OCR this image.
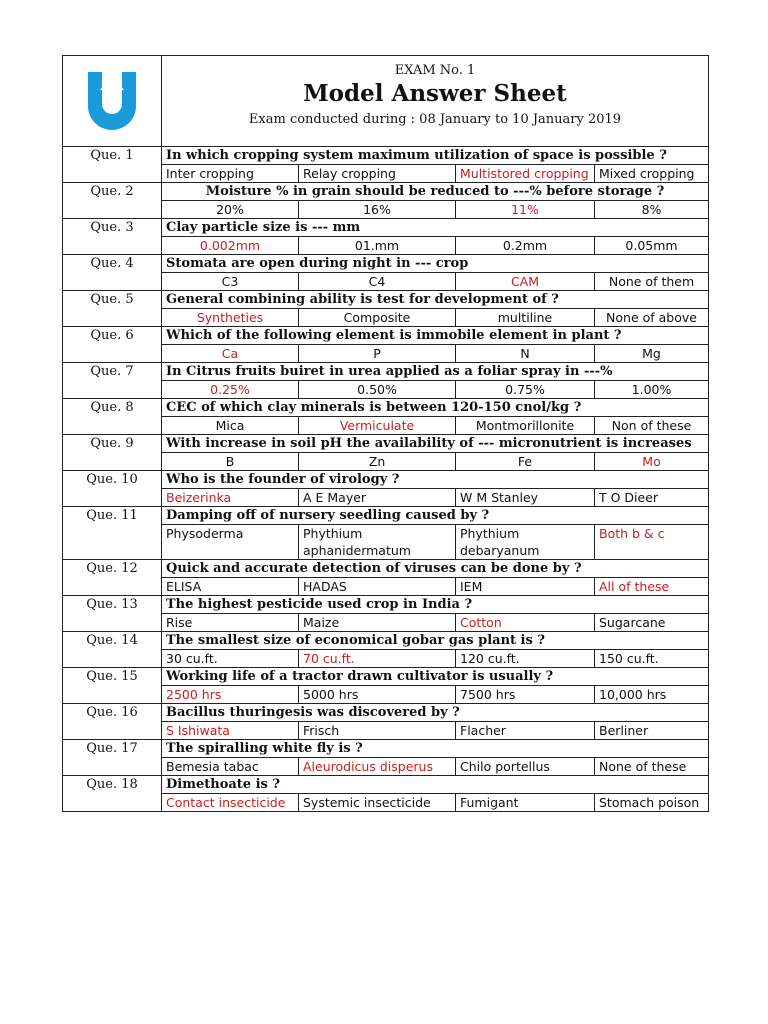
EXAM No. 1
Model Answer Sheet
Exam conducted during : 08 January to 10 January 2019			

Que. 1	In which cropping system maximum utilization of space is possible ?			
	Inter cropping	Relay cropping	Multistored cropping	Mixed cropping
Que. 2	Moisture % in grain should be reduced to ---% before storage ?			
	20%	16%	11%	8%
Que. 3	Clay particle size is --- mm			
	0.002mm	01.mm	0.2mm	0.05mm
Que. 4	Stomata are open during night in --- crop			
	C3	C4	CAM	None of them
Que. 5	General combining ability is test for development of ?			
	Syntheties	Composite	multiline	None of above
Que. 6	Which of the following element is immobile element in plant ?			
	Ca	P	N	Mg
Que. 7	In Citrus fruits buiret in urea applied as a foliar spray in ---%			
	0.25%	0.50%	0.75%	1.00%
Que. 8	CEC of which clay minerals is between 120-150 cnol/kg ?			
	Mica	Vermiculate	Montmorillonite	Non of these
Que. 9	With increase in soil pH the availability of --- micronutrient is increases			
	B	Zn	Fe	Mo
Que. 10	Who is the founder of virology ?			
	Beizerinka	A E Mayer	W M Stanley	T O Dieer
Que. 11	Damping off of nursery seedling caused by ?			
	Physoderma	Phythium aphanidermatum	Phythium debaryanum	Both b & c
Que. 12	Quick and accurate detection of viruses can be done by ?			
	ELISA	HADAS	IEM	All of these
Que. 13	The highest pesticide used crop in India ?			
	Rise	Maize	Cotton	Sugarcane
Que. 14	The smallest size of economical gobar gas plant is ?			
	30 cu.ft.	70 cu.ft.	120 cu.ft.	150 cu.ft.
Que. 15	Working life of a tractor drawn cultivator is usually ?			
	2500 hrs	5000 hrs	7500 hrs	10,000 hrs
Que. 16	Bacillus thuringesis was discovered by ?			
	S Ishiwata	Frisch	Flacher	Berliner
Que. 17	The spiralling white fly is ?			
	Bemesia tabac	Aleurodicus disperus	Chilo portellus	None of these
Que. 18	Dimethoate is ?			
	Contact insecticide	Systemic insecticide	Fumigant	Stomach poison
